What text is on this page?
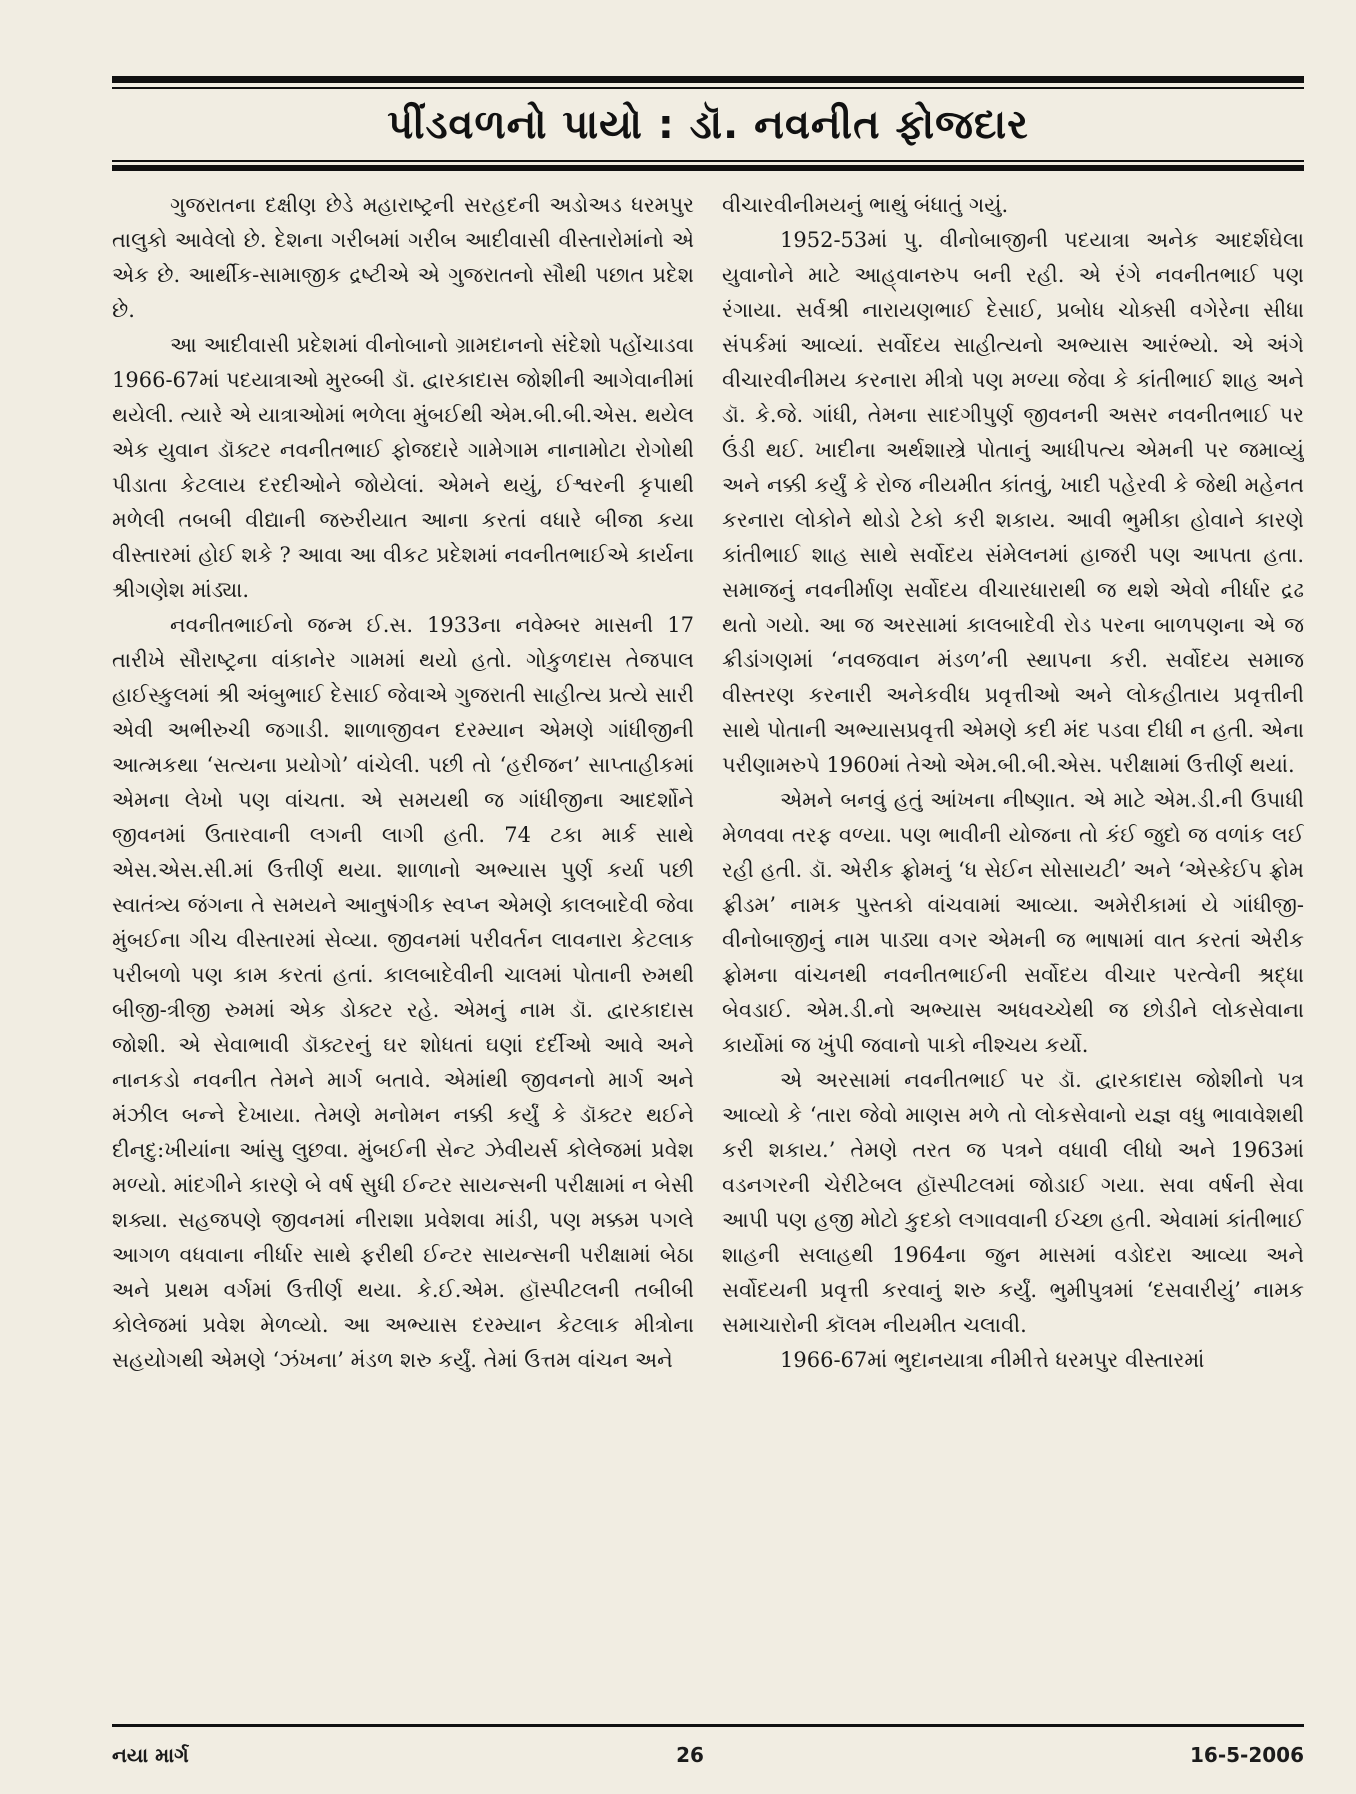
પીંડવળનો પાયો : ડૉ. નવનીત ફોજદાર

ગુજરાતના દક્ષીણ છેડે મહારાષ્ટ્રની સરહદની અડોઅડ ધરમપુર તાલુકો આવેલો છે. દેશના ગરીબમાં ગરીબ આદીવાસી વીસ્તારોમાંનો એ એક છે. આર્થીક-સામાજીક દ્રષ્ટીએ એ ગુજરાતનો સૌથી પછાત પ્રદેશ છે.

આ આદીવાસી પ્રદેશમાં વીનોબાનો ગ્રામદાનનો સંદેશો પહોંચાડવા 1966-67માં પદયાત્રાઓ મુરબ્બી ડૉ. દ્વારકાદાસ જોશીની આગેવાનીમાં થયેલી. ત્યારે એ યાત્રાઓમાં ભળેલા મુંબઈથી એમ.બી.બી.એસ. થયેલ એક યુવાન ડૉક્ટર નવનીતભાઈ ફોજદારે ગામેગામ નાનામોટા રોગોથી પીડાતા કેટલાય દરદીઓને જોયેલાં. એમને થયું, ઈશ્વરની કૃપાથી મળેલી તબબી વીદ્યાની જરુરીયાત આના કરતાં વધારે બીજા કયા વીસ્તારમાં હોઈ શકે ? આવા આ વીકટ પ્રદેશમાં નવનીતભાઈએ કાર્યના શ્રીગણેશ માંડ્યા.

નવનીતભાઈનો જન્મ ઈ.સ. 1933ના નવેમ્બર માસની 17 તારીખે સૌરાષ્ટ્રના વાંકાનેર ગામમાં થયો હતો. ગોકુળદાસ તેજપાલ હાઈસ્કુલમાં શ્રી અંબુભાઈ દેસાઈ જેવાએ ગુજરાતી સાહીત્ય પ્રત્યે સારી એવી અભીરુચી જગાડી. શાળાજીવન દરમ્યાન એમણે ગાંધીજીની આત્મકથા ‘સત્યના પ્રયોગો’ વાંચેલી. પછી તો ‘હરીજન’ સાપ્તાહીકમાં એમના લેખો પણ વાંચતા. એ સમયથી જ ગાંધીજીના આદર્શોને જીવનમાં ઉતારવાની લગની લાગી હતી. 74 ટકા માર્ક સાથે એસ.એસ.સી.માં ઉત્તીર્ણ થયા. શાળાનો અભ્યાસ પુર્ણ કર્યા પછી સ્વાતંત્ર્ય જંગના તે સમયને આનુષંગીક સ્વપ્ન એમણે કાલબાદેવી જેવા મુંબઈના ગીચ વીસ્તારમાં સેવ્યા. જીવનમાં પરીવર્તન લાવનારા કેટલાક પરીબળો પણ કામ કરતાં હતાં. કાલબાદેવીની ચાલમાં પોતાની રુમથી બીજી-ત્રીજી રુમમાં એક ડોક્ટર રહે. એમનું નામ ડૉ. દ્વારકાદાસ જોશી. એ સેવાભાવી ડૉક્ટરનું ઘર શોધતાં ઘણાં દર્દીઓ આવે અને નાનકડો નવનીત તેમને માર્ગ બતાવે. એમાંથી જીવનનો માર્ગ અને મંઝીલ બન્ને દેખાયા. તેમણે મનોમન નક્કી કર્યું કે ડૉક્ટર થઈને દીનદુ:ખીયાંના આંસુ લુછવા. મુંબઈની સેન્ટ ઝેવીયર્સ કોલેજમાં પ્રવેશ મળ્યો. માંદગીને કારણે બે વર્ષ સુધી ઈન્ટર સાયન્સની પરીક્ષામાં ન બેસી શક્યા. સહજપણે જીવનમાં નીરાશા પ્રવેશવા માંડી, પણ મક્કમ પગલે આગળ વધવાના નીર્ધાર સાથે ફરીથી ઈન્ટર સાયન્સની પરીક્ષામાં બેઠા અને પ્રથમ વર્ગમાં ઉત્તીર્ણ થયા. કે.ઈ.એમ. હૉસ્પીટલની તબીબી કોલેજમાં પ્રવેશ મેળવ્યો. આ અભ્યાસ દરમ્યાન કેટલાક મીત્રોના સહયોગથી એમણે ‘ઝંખના’ મંડળ શરુ કર્યું. તેમાં ઉત્તમ વાંચન અને

વીચારવીનીમયનું ભાથું બંધાતું ગયું.

1952-53માં પુ. વીનોબાજીની પદયાત્રા અનેક આદર્શઘેલા યુવાનોને માટે આહ્‌વાનરુપ બની રહી. એ રંગે નવનીતભાઈ પણ રંગાયા. સર્વશ્રી નારાયણભાઈ દેસાઈ, પ્રબોધ ચોક્સી વગેરેના સીધા સંપર્કમાં આવ્યાં. સર્વોદય સાહીત્યનો અભ્યાસ આરંભ્યો. એ અંગે વીચારવીનીમય કરનારા મીત્રો પણ મળ્યા જેવા કે કાંતીભાઈ શાહ અને ડૉ. કે.જે. ગાંધી, તેમના સાદગીપુર્ણ જીવનની અસર નવનીતભાઈ પર ઉંડી થઈ. ખાદીના અર્થશાસ્ત્રે પોતાનું આધીપત્ય એમની પર જમાવ્યું અને નક્કી કર્યું કે રોજ નીયમીત કાંતવું, ખાદી પહેરવી કે જેથી મહેનત કરનારા લોકોને થોડો ટેકો કરી શકાય. આવી ભુમીકા હોવાને કારણે કાંતીભાઈ શાહ સાથે સર્વોદય સંમેલનમાં હાજરી પણ આપતા હતા. સમાજનું નવનીર્માણ સર્વોદય વીચારધારાથી જ થશે એવો નીર્ધાર દ્રઢ થતો ગયો. આ જ અરસામાં કાલબાદેવી રોડ પરના બાળપણના એ જ ક્રીડાંગણમાં ‘નવજવાન મંડળ’ની સ્થાપના કરી. સર્વોદય સમાજ વીસ્તરણ કરનારી અનેકવીધ પ્રવૃત્તીઓ અને લોકહીતાય પ્રવૃત્તીની સાથે પોતાની અભ્યાસપ્રવૃત્તી એમણે કદી મંદ પડવા દીધી ન હતી. એના પરીણામરુપે 1960માં તેઓ એમ.બી.બી.એસ. પરીક્ષામાં ઉત્તીર્ણ થયાં.

એમને બનવું હતું આંખના નીષ્ણાત. એ માટે એમ.ડી.ની ઉપાધી મેળવવા તરફ વળ્યા. પણ ભાવીની યોજના તો કંઈ જુદો જ વળાંક લઈ રહી હતી. ડૉ. એરીક ફ્રોમનું ‘ધ સેઈન સોસાયટી’ અને ‘એસ્કેઈપ ફ્રોમ ફ્રીડમ’ નામક પુસ્તકો વાંચવામાં આવ્યા. અમેરીકામાં યે ગાંધીજી-વીનોબાજીનું નામ પાડ્યા વગર એમની જ ભાષામાં વાત કરતાં એરીક ફ્રોમના વાંચનથી નવનીતભાઈની સર્વોદય વીચાર પરત્વેની શ્રદ્ધા બેવડાઈ. એમ.ડી.નો અભ્યાસ અધવચ્ચેથી જ છોડીને લોકસેવાના કાર્યોમાં જ ખુંપી જવાનો પાકો નીશ્ચય કર્યો.

એ અરસામાં નવનીતભાઈ પર ડૉ. દ્વારકાદાસ જોશીનો પત્ર આવ્યો કે ‘તારા જેવો માણસ મળે તો લોકસેવાનો યજ્ઞ વધુ ભાવાવેશથી કરી શકાય.’ તેમણે તરત જ પત્રને વધાવી લીધો અને 1963માં વડનગરની ચેરીટેબલ હૉસ્પીટલમાં જોડાઈ ગયા. સવા વર્ષની સેવા આપી પણ હજી મોટો કુદકો લગાવવાની ઈચ્છા હતી. એવામાં કાંતીભાઈ શાહની સલાહથી 1964ના જુન માસમાં વડોદરા આવ્યા અને સર્વોદયની પ્રવૃત્તી કરવાનું શરુ કર્યું. ભુમીપુત્રમાં ‘દસવારીયું’ નામક સમાચારોની કૉલમ નીયમીત ચલાવી.

1966-67માં ભુદાનયાત્રા નીમીત્તે ધરમપુર વીસ્તારમાં

નયા માર્ગ	26	16-5-2006
